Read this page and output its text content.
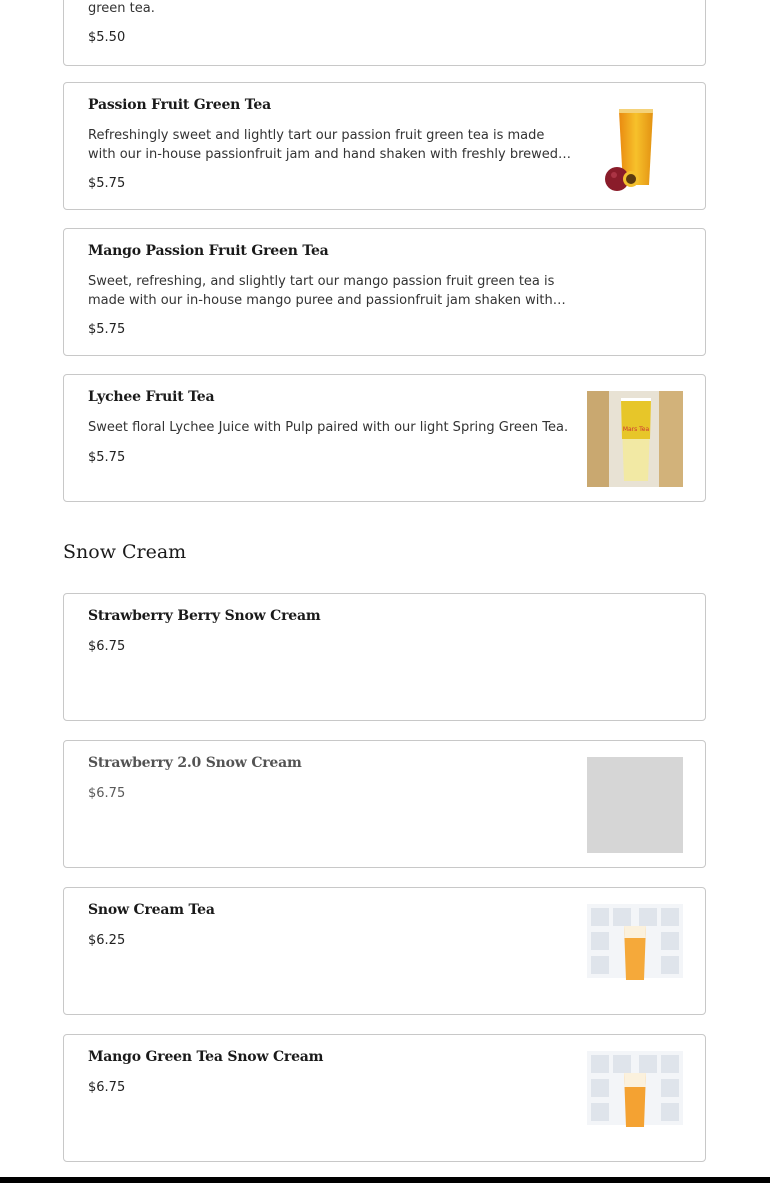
green tea.
$5.50
Passion Fruit Green Tea
Refreshingly sweet and lightly tart our passion fruit green tea is made with our in-house passionfruit jam and hand shaken with freshly brewed
$5.75
Mango Passion Fruit Green Tea
Sweet, refreshing, and slightly tart our mango passion fruit green tea is made with our in-house mango puree and passionfruit jam shaken with
$5.75
Lychee Fruit Tea
Sweet floral Lychee Juice with Pulp paired with our light Spring Green Tea.
$5.75
Mars Tea
Snow Cream
Strawberry Berry Snow Cream
$6.75
Strawberry 2.0 Snow Cream
$6.75
Snow Cream Tea
$6.25
Mango Green Tea Snow Cream
$6.75
